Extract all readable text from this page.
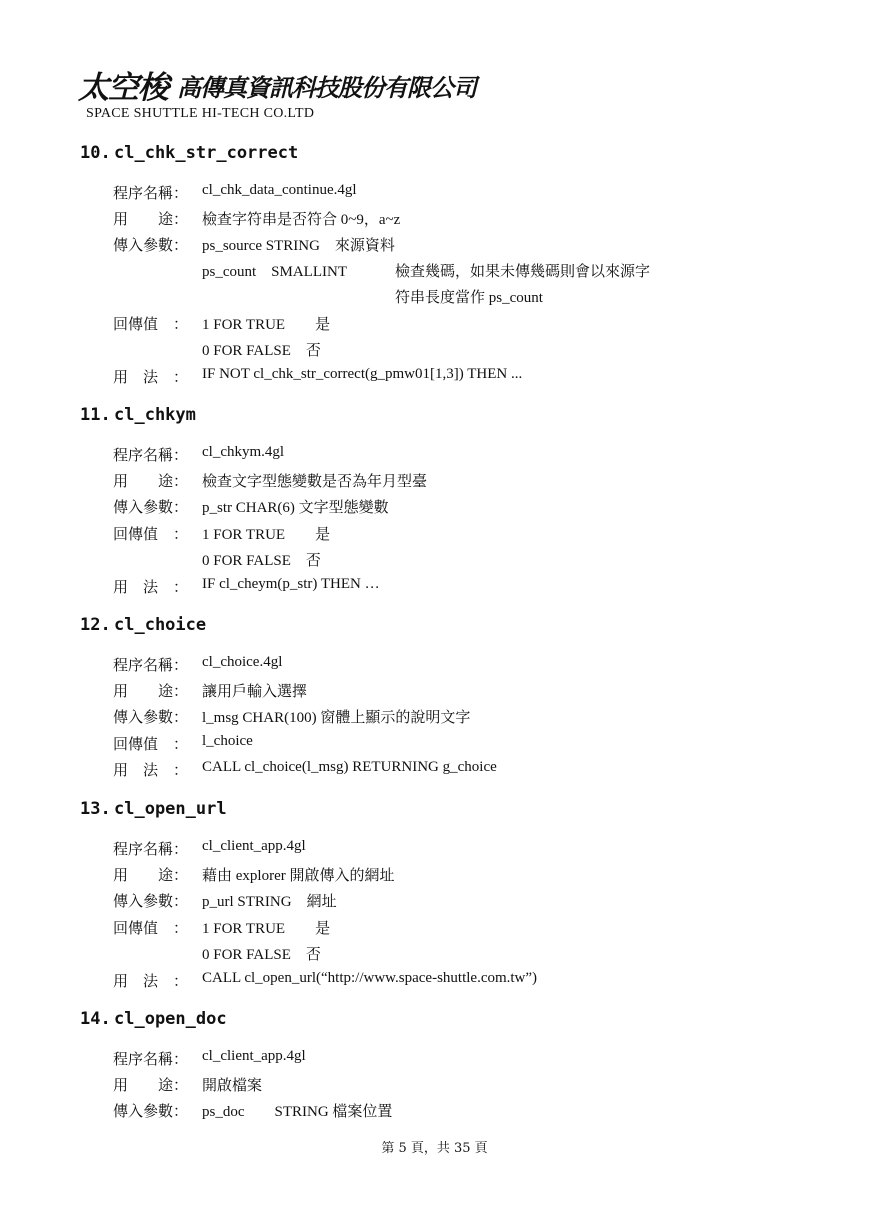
太空梭 高傳真資訊科技股份有限公司
SPACE SHUTTLE HI-TECH CO.LTD
10. cl_chk_str_correct
程序名稱： cl_chk_data_continue.4gl
用　　途： 檢查字符串是否符合 0~9，a~z
傳入參數： ps_source STRING　來源資料
ps_count　SMALLINT	檢查幾碼，如果未傳幾碼則會以來源字
符串長度當作 ps_count
回傳值　： 1 FOR TRUE　　是
0 FOR FALSE　否
用　法　： IF NOT cl_chk_str_correct(g_pmw01[1,3]) THEN ...
11. cl_chkym
程序名稱： cl_chkym.4gl
用　　途： 檢查文字型態變數是否為年月型臺
傳入參數： p_str CHAR(6) 文字型態變數
回傳值　： 1 FOR TRUE　　是
0 FOR FALSE　否
用　法　： IF cl_cheym(p_str) THEN …
12. cl_choice
程序名稱： cl_choice.4gl
用　　途： 讓用戶輸入選擇
傳入參數： l_msg CHAR(100) 窗體上顯示的說明文字
回傳值　： l_choice
用　法　： CALL cl_choice(l_msg) RETURNING g_choice
13. cl_open_url
程序名稱： cl_client_app.4gl
用　　途： 藉由 explorer 開啟傳入的網址
傳入參數： p_url STRING　網址
回傳值　： 1 FOR TRUE　　是
0 FOR FALSE　否
用　法　： CALL cl_open_url(“http://www.space-shuttle.com.tw”)
14. cl_open_doc
程序名稱： cl_client_app.4gl
用　　途： 開啟檔案
傳入參數： ps_doc　　STRING 檔案位置
第 5 頁，共 35 頁
